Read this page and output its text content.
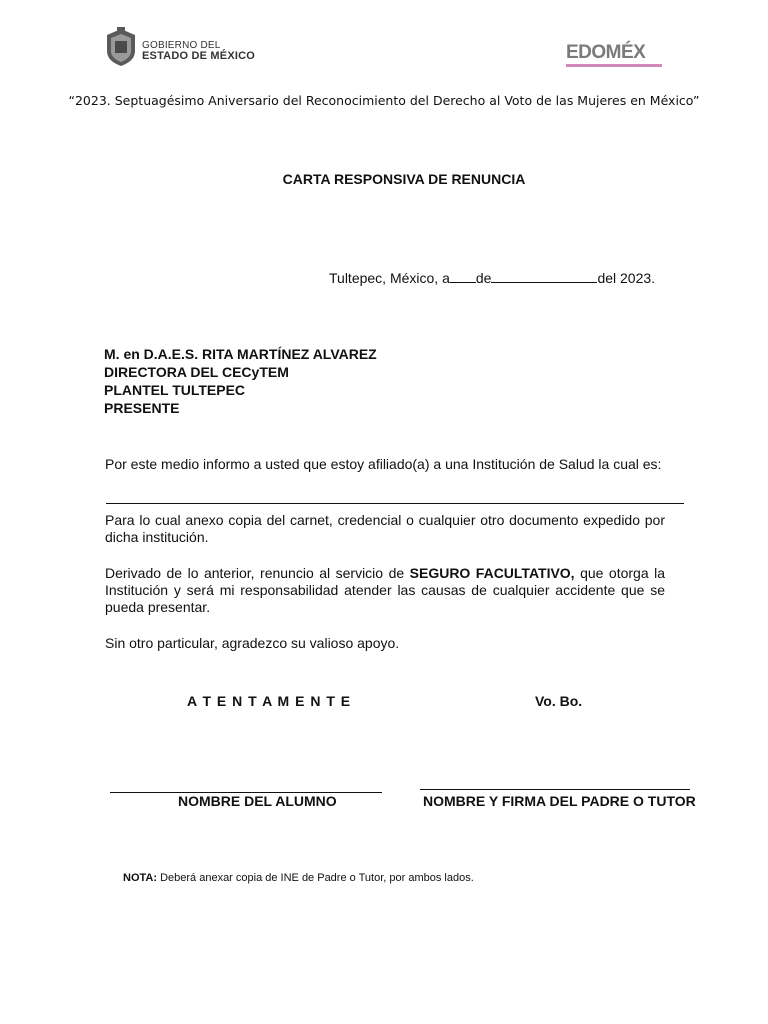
GOBIERNO DEL
ESTADO DE MÉXICO	EDOMÉX
“2023. Septuagésimo Aniversario del Reconocimiento del Derecho al Voto de las Mujeres en México”
CARTA RESPONSIVA DE RENUNCIA
Tultepec, México, a de	del 2023.
M. en D.A.E.S. RITA MARTÍNEZ ALVAREZ
DIRECTORA DEL CECyTEM
PLANTEL TULTEPEC
PRESENTE
Por este medio informo a usted que estoy afiliado(a) a una Institución de Salud la cual es:
Para lo cual anexo copia del carnet, credencial o cualquier otro documento expedido por dicha institución.
Derivado de lo anterior, renuncio al servicio de SEGURO FACULTATIVO, que otorga la Institución y será mi responsabilidad atender las causas de cualquier accidente que se pueda presentar.
Sin otro particular, agradezco su valioso apoyo.
A T E N T A M E N T E	Vo. Bo.
NOMBRE DEL ALUMNO	NOMBRE Y FIRMA DEL PADRE O TUTOR
NOTA: Deberá anexar copia de INE de Padre o Tutor, por ambos lados.
